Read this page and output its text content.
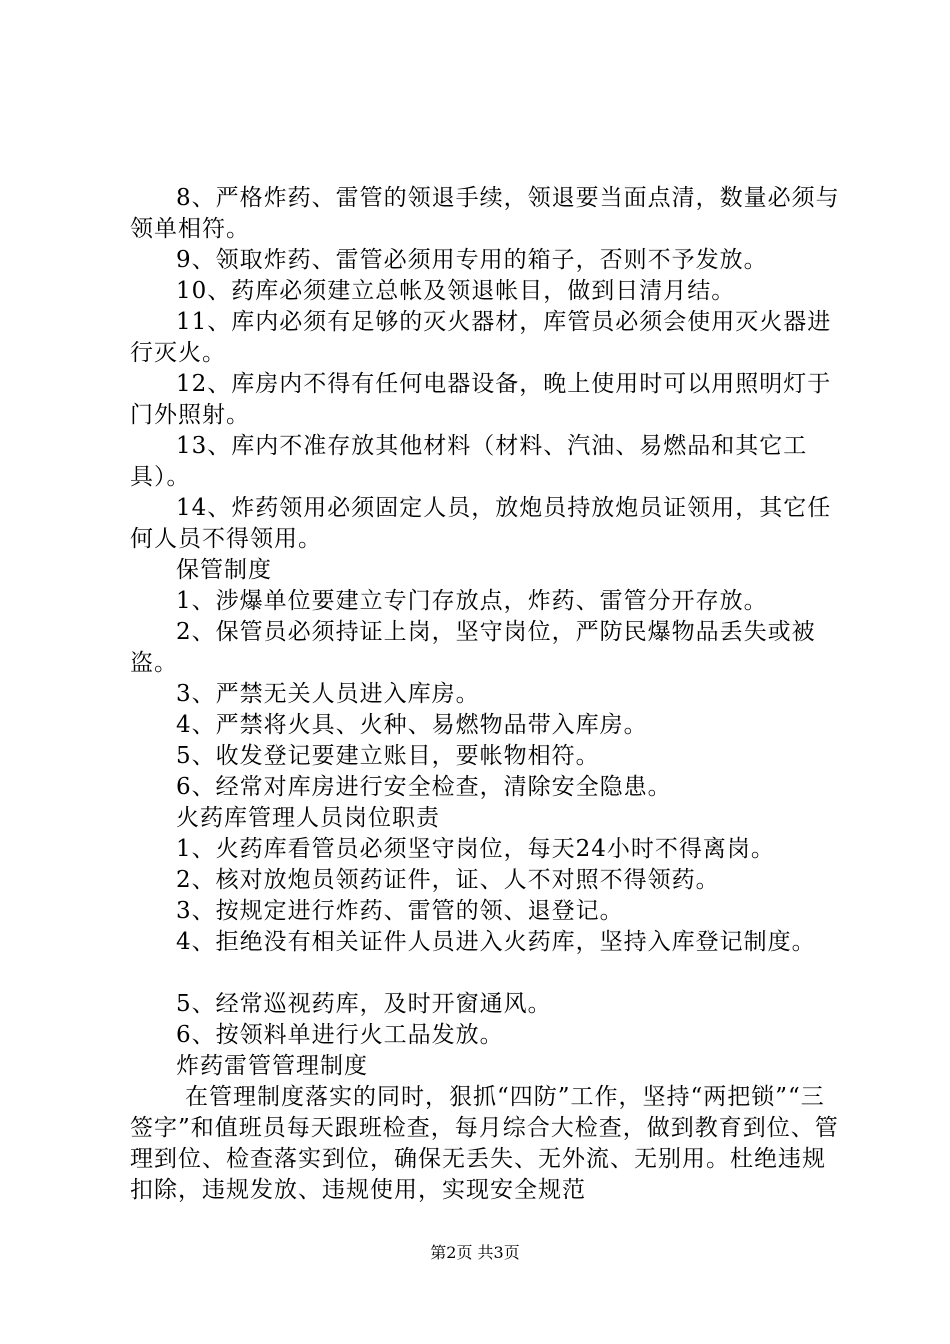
8、严格炸药、雷管的领退手续，领退要当面点清，数量必须与领单相符。

9、领取炸药、雷管必须用专用的箱子，否则不予发放。

10、药库必须建立总帐及领退帐目，做到日清月结。

11、库内必须有足够的灭火器材，库管员必须会使用灭火器进行灭火。

12、库房内不得有任何电器设备，晚上使用时可以用照明灯于门外照射。

13、库内不准存放其他材料（材料、汽油、易燃品和其它工具）。

14、炸药领用必须固定人员，放炮员持放炮员证领用，其它任何人员不得领用。

保管制度

1、涉爆单位要建立专门存放点，炸药、雷管分开存放。

2、保管员必须持证上岗，坚守岗位，严防民爆物品丢失或被盗。

3、严禁无关人员进入库房。

4、严禁将火具、火种、易燃物品带入库房。

5、收发登记要建立账目，要帐物相符。

6、经常对库房进行安全检查，清除安全隐患。

火药库管理人员岗位职责

1、火药库看管员必须坚守岗位，每天24小时不得离岗。

2、核对放炮员领药证件，证、人不对照不得领药。

3、按规定进行炸药、雷管的领、退登记。

4、拒绝没有相关证件人员进入火药库，坚持入库登记制度。

5、经常巡视药库，及时开窗通风。

6、按领料单进行火工品发放。

炸药雷管管理制度

在管理制度落实的同时，狠抓“四防”工作，坚持“两把锁”“三签字”和值班员每天跟班检查，每月综合大检查，做到教育到位、管理到位、检查落实到位，确保无丢失、无外流、无别用。杜绝违规扣除，违规发放、违规使用，实现安全规范

第2页 共3页
